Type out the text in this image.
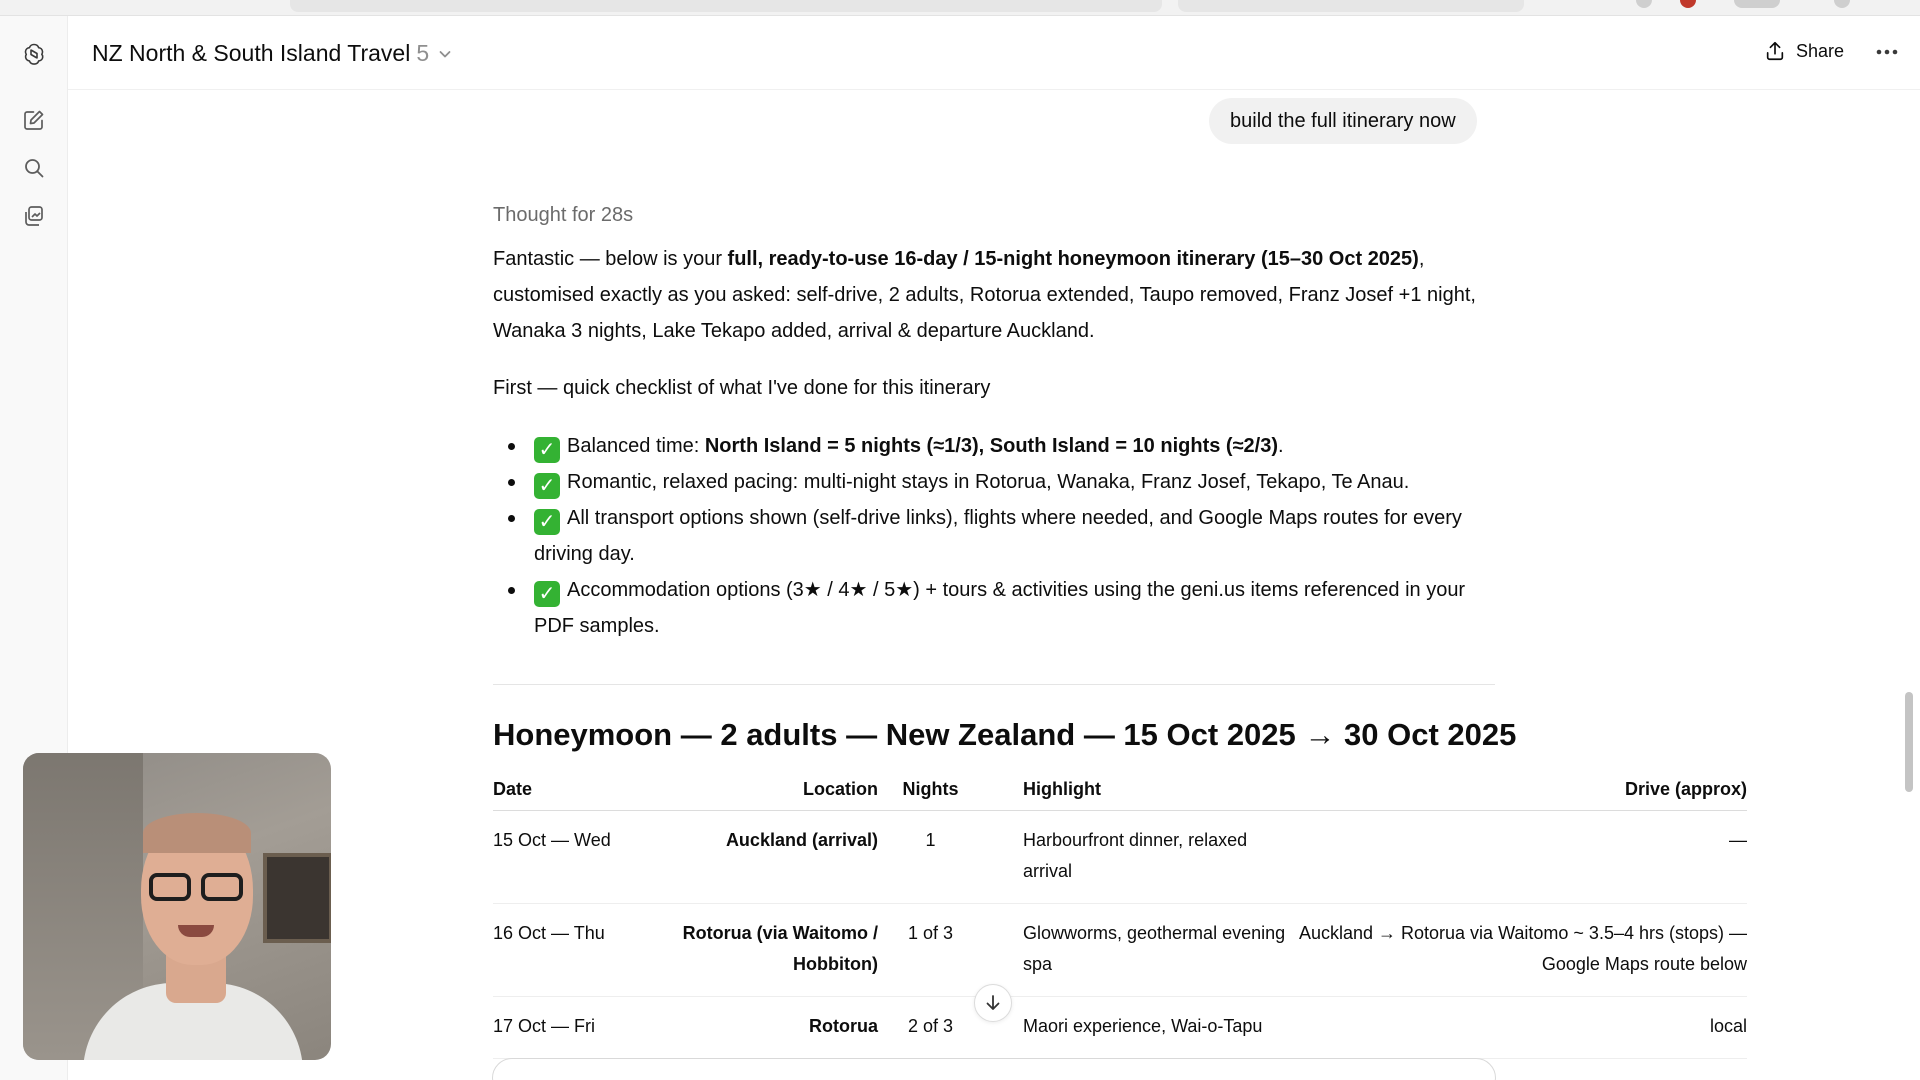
NZ North & South Island Travel 5	Share
build the full itinerary now
Thought for 28s

Fantastic — below is your full, ready-to-use 16-day / 15-night honeymoon itinerary (15–30 Oct 2025), customised exactly as you asked: self-drive, 2 adults, Rotorua extended, Taupo removed, Franz Josef +1 night, Wanaka 3 nights, Lake Tekapo added, arrival & departure Auckland.

First — quick checklist of what I've done for this itinerary

✓ Balanced time: North Island = 5 nights (≈1/3), South Island = 10 nights (≈2/3).
✓ Romantic, relaxed pacing: multi-night stays in Rotorua, Wanaka, Franz Josef, Tekapo, Te Anau.
✓ All transport options shown (self-drive links), flights where needed, and Google Maps routes for every driving day.
✓ Accommodation options (3★ / 4★ / 5★) + tours & activities using the geni.us items referenced in your PDF samples.
Honeymoon — 2 adults — New Zealand — 15 Oct 2025 → 30 Oct 2025
Date	Location	Nights	Highlight	Drive (approx)
15 Oct — Wed	Auckland (arrival)	1	Harbourfront dinner, relaxed arrival	—
16 Oct — Thu	Rotorua (via Waitomo / Hobbiton)	1 of 3	Glowworms, geothermal evening spa	Auckland → Rotorua via Waitomo ~ 3.5–4 hrs (stops) — Google Maps route below
17 Oct — Fri	Rotorua	2 of 3	Maori experience, Wai-o-Tapu	local
